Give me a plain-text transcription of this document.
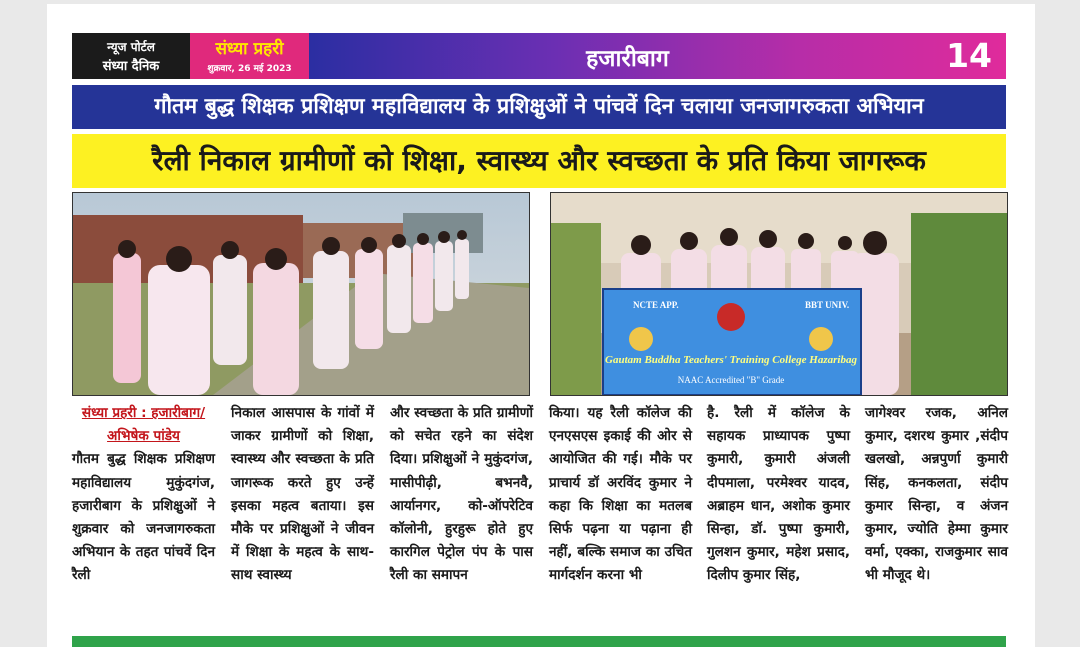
न्यूज पोर्टल
संध्या दैनिक
संध्या प्रहरी
शुक्रवार, 26 मई 2023	हजारीबाग	14
गौतम बुद्ध शिक्षक प्रशिक्षण महाविद्यालय के प्रशिक्षुओं ने पांचवें दिन चलाया जनजागरुकता अभियान
रैली निकाल ग्रामीणों को शिक्षा, स्वास्थ्य और स्वच्छता के प्रति किया जागरूक
NCTE APP.	BBT UNIV.
Gautam Buddha Teachers' Training College Hazaribag
NAAC Accredited "B" Grade
संध्या प्रहरी : हजारीबाग/अभिषेक पांडेय
गौतम बुद्ध शिक्षक प्रशिक्षण महाविद्यालय मुकुंदगंज, हजारीबाग के प्रशिक्षुओं ने शुक्रवार को जनजागरुकता अभियान के तहत पांचवें दिन रैली
निकाल आसपास के गांवों में जाकर ग्रामीणों को शिक्षा, स्वास्थ्य और स्वच्छता के प्रति जागरूक करते हुए उन्हें इसका महत्व बताया। इस मौके पर प्रशिक्षुओं ने जीवन में शिक्षा के महत्व के साथ-साथ स्वास्थ्य
और स्वच्छता के प्रति ग्रामीणों को सचेत रहने का संदेश दिया। प्रशिक्षुओं ने मुकुंदगंज, मासीपीढ़ी, बभनवै, आर्यानगर, को-ऑपरेटिव कॉलोनी, हुरहुरू होते हुए कारगिल पेट्रोल पंप के पास रैली का समापन
किया। यह रैली कॉलेज की एनएसएस इकाई की ओर से आयोजित की गई। मौके पर प्राचार्य डॉ अरविंद कुमार ने कहा कि शिक्षा का मतलब सिर्फ पढ़ना या पढ़ाना ही नहीं, बल्कि समाज का उचित मार्गदर्शन करना भी
है. रैली में कॉलेज के सहायक प्राध्यापक पुष्पा कुमारी, कुमारी अंजली दीपमाला, परमेश्वर यादव, अब्राहम धान, अशोक कुमार सिन्हा, डॉ. पुष्पा कुमारी, गुलशन कुमार, महेश प्रसाद, दिलीप कुमार सिंह,
जागेश्वर रजक, अनिल कुमार, दशरथ कुमार ,संदीप खलखो, अन्नपुर्णा कुमारी सिंह, कनकलता, संदीप कुमार सिन्हा, व अंजन कुमार, ज्योति हेम्मा कुमार वर्मा, एक्का, राजकुमार साव भी मौजूद थे।
